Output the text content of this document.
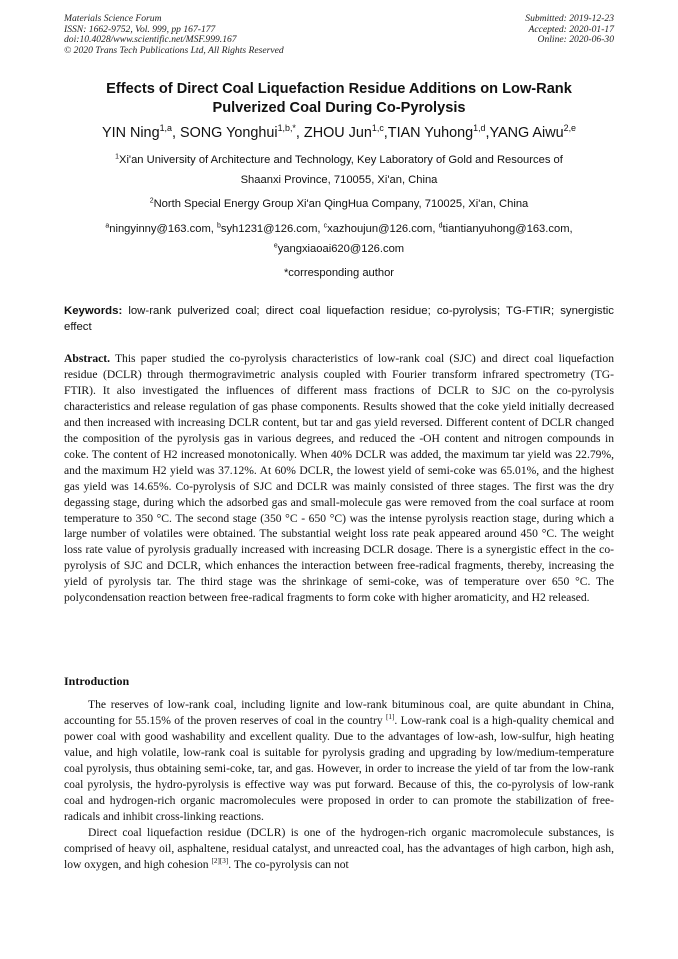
Materials Science Forum
ISSN: 1662-9752, Vol. 999, pp 167-177
doi:10.4028/www.scientific.net/MSF.999.167
© 2020 Trans Tech Publications Ltd, All Rights Reserved
Submitted: 2019-12-23
Accepted: 2020-01-17
Online: 2020-06-30
Effects of Direct Coal Liquefaction Residue Additions on Low-Rank
Pulverized Coal During Co-Pyrolysis
YIN Ning$^{1,a}$, SONG Yonghui$^{1,b,*}$, ZHOU Jun$^{1,c}$,TIAN Yuhong$^{1,d}$,YANG Aiwu$^{2,e}$
$^1$Xi'an University of Architecture and Technology, Key Laboratory of Gold and Resources of
Shaanxi Province, 710055, Xi'an, China
$^2$North Special Energy Group Xi'an QingHua Company, 710025, Xi'an, China
$^a$ningyinny@163.com, $^b$syh1231@126.com, $^c$xazhoujun@126.com, $^d$tiantianyuhong@163.com,
$^e$yangxiaoai620@126.com
*corresponding author
Keywords: low-rank pulverized coal; direct coal liquefaction residue; co-pyrolysis; TG-FTIR; synergistic effect

Abstract. This paper studied the co-pyrolysis characteristics of low-rank coal (SJC) and direct coal liquefaction residue (DCLR) through thermogravimetric analysis coupled with Fourier transform infrared spectrometry (TG-FTIR). It also investigated the influences of different mass fractions of DCLR to SJC on the co-pyrolysis characteristics and release regulation of gas phase components. Results showed that the coke yield initially decreased and then increased with increasing DCLR content, but tar and gas yield reversed. Different content of DCLR changed the composition of the pyrolysis gas in various degrees, and reduced the -OH content and nitrogen compounds in coke. The content of H2 increased monotonically. When 40% DCLR was added, the maximum tar yield was 22.79%, and the maximum H2 yield was 37.12%. At 60% DCLR, the lowest yield of semi-coke was 65.01%, and the highest gas yield was 14.65%. Co-pyrolysis of SJC and DCLR was mainly consisted of three stages. The first was the dry degassing stage, during which the adsorbed gas and small-molecule gas were removed from the coal surface at room temperature to 350 °C. The second stage (350 °C - 650 °C) was the intense pyrolysis reaction stage, during which a large number of volatiles were obtained. The substantial weight loss rate peak appeared around 450 °C. The weight loss rate value of pyrolysis gradually increased with increasing DCLR dosage. There is a synergistic effect in the co-pyrolysis of SJC and DCLR, which enhances the interaction between free-radical fragments, thereby, increasing the yield of pyrolysis tar. The third stage was the shrinkage of semi-coke, was of temperature over 650 °C. The polycondensation reaction between free-radical fragments to form coke with higher aromaticity, and H2 released.

Introduction

The reserves of low-rank coal, including lignite and low-rank bituminous coal, are quite abundant in China, accounting for 55.15% of the proven reserves of coal in the country [1]. Low-rank coal is a high-quality chemical and power coal with good washability and excellent quality. Due to the advantages of low-ash, low-sulfur, high heating value, and high volatile, low-rank coal is suitable for pyrolysis grading and upgrading by low/medium-temperature coal pyrolysis, thus obtaining semi-coke, tar, and gas. However, in order to increase the yield of tar from the low-rank coal pyrolysis, the hydro-pyrolysis is effective way was put forward. Because of this, the co-pyrolysis of low-rank coal and hydrogen-rich organic macromolecules were proposed in order to can promote the stabilization of free-radicals and inhibit cross-linking reactions.

Direct coal liquefaction residue (DCLR) is one of the hydrogen-rich organic macromolecule substances, is comprised of heavy oil, asphaltene, residual catalyst, and unreacted coal, has the advantages of high carbon, high ash, low oxygen, and high cohesion [2][3]. The co-pyrolysis can not
